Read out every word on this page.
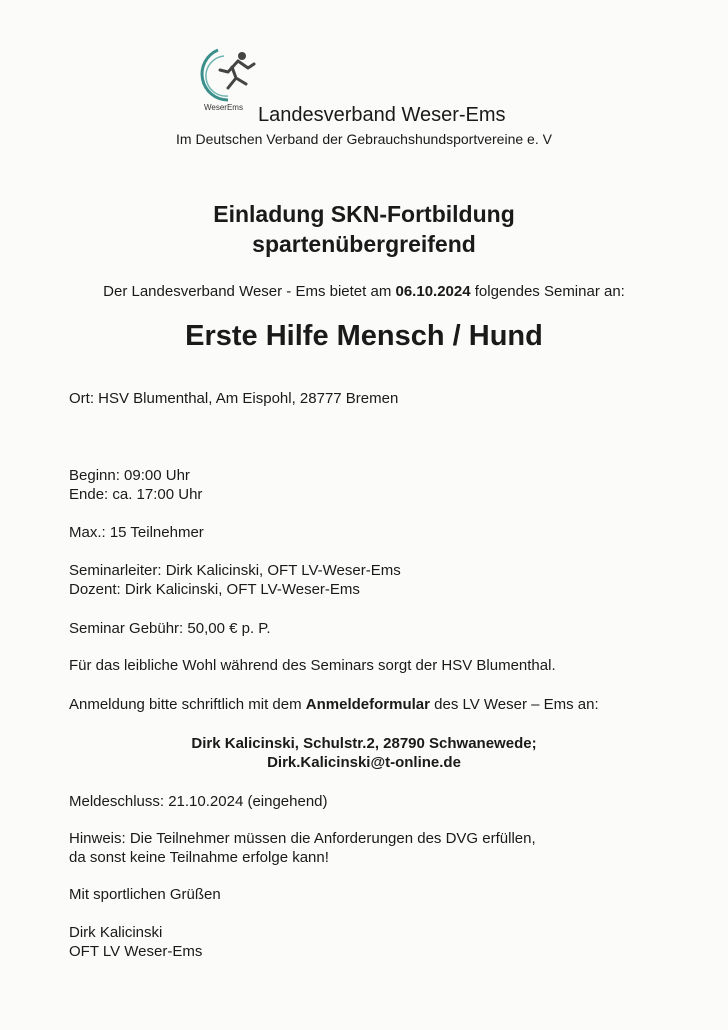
WeserEms Landesverband Weser-Ems
Im Deutschen Verband der Gebrauchshundsportvereine e. V
Einladung SKN-Fortbildung
spartenübergreifend
Der Landesverband Weser - Ems bietet am 06.10.2024 folgendes Seminar an:
Erste Hilfe Mensch / Hund
Ort: HSV Blumenthal, Am Eispohl, 28777 Bremen
Beginn: 09:00 Uhr
Ende: ca. 17:00 Uhr
Max.: 15 Teilnehmer
Seminarleiter: Dirk Kalicinski, OFT LV-Weser-Ems
Dozent: Dirk Kalicinski, OFT LV-Weser-Ems
Seminar Gebühr: 50,00 € p. P.
Für das leibliche Wohl während des Seminars sorgt der HSV Blumenthal.
Anmeldung bitte schriftlich mit dem Anmeldeformular des LV Weser – Ems an:
Dirk Kalicinski, Schulstr.2, 28790 Schwanewede;
Dirk.Kalicinski@t-online.de
Meldeschluss: 21.10.2024 (eingehend)
Hinweis: Die Teilnehmer müssen die Anforderungen des DVG erfüllen,
da sonst keine Teilnahme erfolge kann!
Mit sportlichen Grüßen
Dirk Kalicinski
OFT LV Weser-Ems
